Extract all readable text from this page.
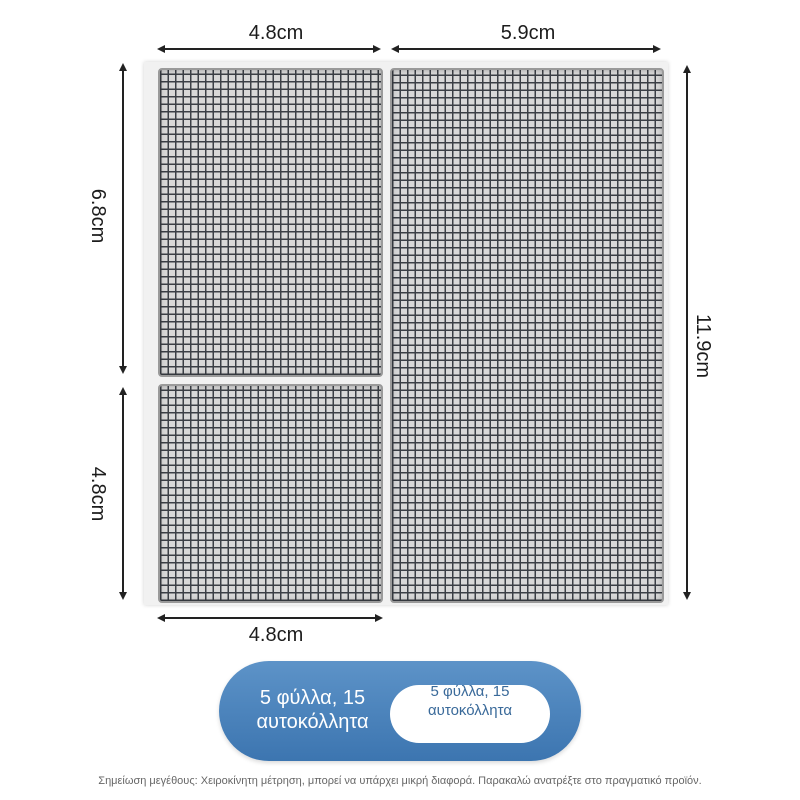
4.8cm	5.9cm
6.8cm
4.8cm
11.9cm
4.8cm
5 φύλλα, 15
αυτοκόλλητα
5 φύλλα, 15
αυτοκόλλητα
Σημείωση μεγέθους: Χειροκίνητη μέτρηση, μπορεί να υπάρχει μικρή διαφορά. Παρακαλώ ανατρέξτε στο πραγματικό προϊόν.
